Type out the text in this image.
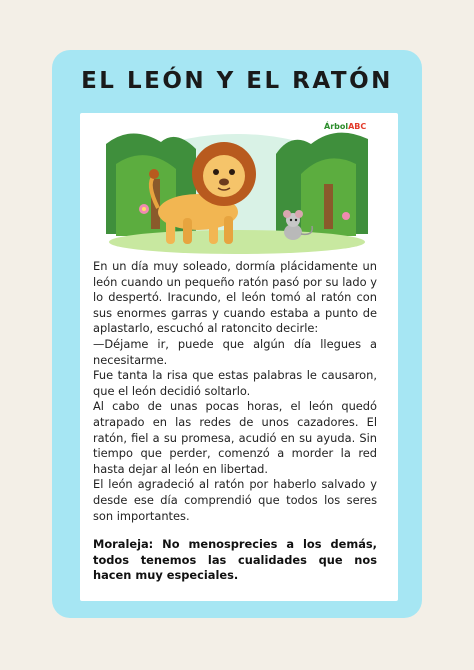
EL LEÓN Y EL RATÓN
ÁrbolABC

En un día muy soleado, dormía plácidamente un león cuando un pequeño ratón pasó por su lado y lo despertó. Iracundo, el león tomó al ratón con sus enormes garras y cuando estaba a punto de aplastarlo, escuchó al ratoncito decirle:

—Déjame ir, puede que algún día llegues a necesitarme.

Fue tanta la risa que estas palabras le causaron, que el león decidió soltarlo.

Al cabo de unas pocas horas, el león quedó atrapado en las redes de unos cazadores. El ratón, fiel a su promesa, acudió en su ayuda. Sin tiempo que perder, comenzó a morder la red hasta dejar al león en libertad.

El león agradeció al ratón por haberlo salvado y desde ese día comprendió que todos los seres son importantes.

Moraleja: No menosprecies a los demás, todos tenemos las cualidades que nos hacen muy especiales.
